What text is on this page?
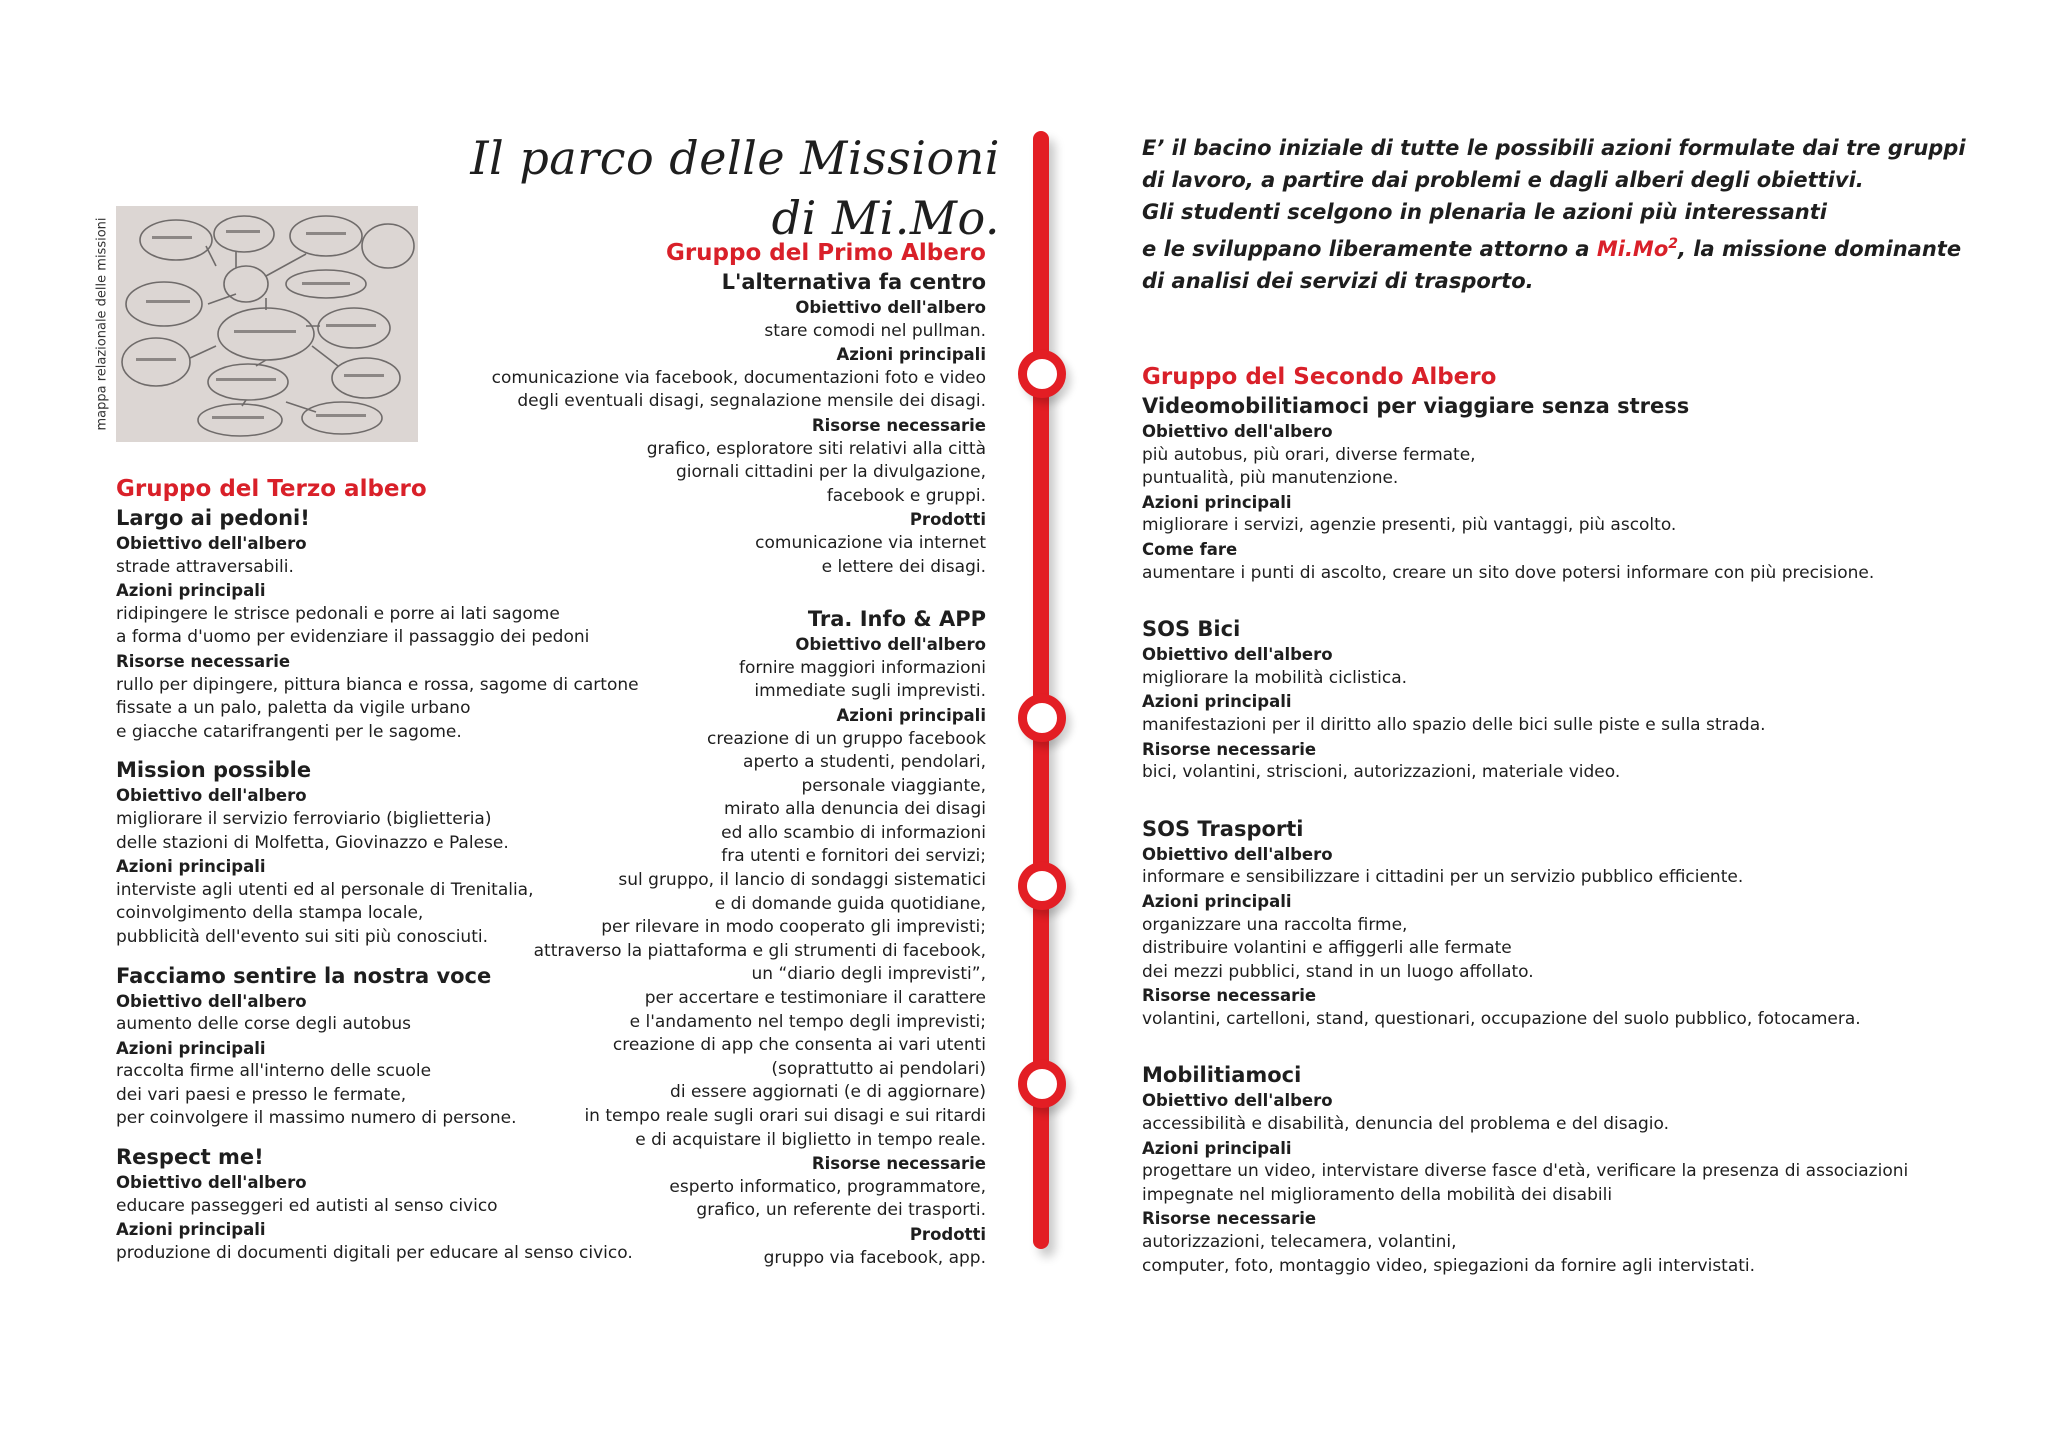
Il parco delle Missioni di Mi.Mo.
E’ il bacino iniziale di tutte le possibili azioni formulate dai tre gruppi
di lavoro, a partire dai problemi e dagli alberi degli obiettivi.
Gli studenti scelgono in plenaria le azioni più interessanti
e le sviluppano liberamente attorno a Mi.Mo$^2$, la missione dominante
di analisi dei servizi di trasporto.
mappa relazionale delle missioni
Gruppo del Terzo albero
Largo ai pedoni!
Obiettivo dell'albero
strade attraversabili.
Azioni principali
ridipingere le strisce pedonali e porre ai lati sagome
a forma d'uomo per evidenziare il passaggio dei pedoni
Risorse necessarie
rullo per dipingere, pittura bianca e rossa, sagome di cartone
fissate a un palo, paletta da vigile urbano
e giacche catarifrangenti per le sagome.
Mission possible
Obiettivo dell'albero
migliorare il servizio ferroviario (biglietteria)
delle stazioni di Molfetta, Giovinazzo e Palese.
Azioni principali
interviste agli utenti ed al personale di Trenitalia,
coinvolgimento della stampa locale,
pubblicità dell'evento sui siti più conosciuti.
Facciamo sentire la nostra voce
Obiettivo dell'albero
aumento delle corse degli autobus
Azioni principali
raccolta firme all'interno delle scuole
dei vari paesi e presso le fermate,
per coinvolgere il massimo numero di persone.
Respect me!
Obiettivo dell'albero
educare passeggeri ed autisti al senso civico
Azioni principali
produzione di documenti digitali per educare al senso civico.
Gruppo del Primo Albero
L'alternativa fa centro
Obiettivo dell'albero
stare comodi nel pullman.
Azioni principali
comunicazione via facebook, documentazioni foto e video
degli eventuali disagi, segnalazione mensile dei disagi.
Risorse necessarie
grafico, esploratore siti relativi alla città
giornali cittadini per la divulgazione,
facebook e gruppi.
Prodotti
comunicazione via internet
e lettere dei disagi.
Tra. Info & APP
Obiettivo dell'albero
fornire maggiori informazioni
immediate sugli imprevisti.
Azioni principali
creazione di un gruppo facebook
aperto a studenti, pendolari,
personale viaggiante,
mirato alla denuncia dei disagi
ed allo scambio di informazioni
fra utenti e fornitori dei servizi;
sul gruppo, il lancio di sondaggi sistematici
e di domande guida quotidiane,
per rilevare in modo cooperato gli imprevisti;
attraverso la piattaforma e gli strumenti di facebook,
un “diario degli imprevisti”,
per accertare e testimoniare il carattere
e l'andamento nel tempo degli imprevisti;
creazione di app che consenta ai vari utenti
(soprattutto ai pendolari)
di essere aggiornati (e di aggiornare)
in tempo reale sugli orari sui disagi e sui ritardi
e di acquistare il biglietto in tempo reale.
Risorse necessarie
esperto informatico, programmatore,
grafico, un referente dei trasporti.
Prodotti
gruppo via facebook, app.
Gruppo del Secondo Albero
Videomobilitiamoci per viaggiare senza stress
Obiettivo dell'albero
più autobus, più orari, diverse fermate,
puntualità, più manutenzione.
Azioni principali
migliorare i servizi, agenzie presenti, più vantaggi, più ascolto.
Come fare
aumentare i punti di ascolto, creare un sito dove potersi informare con più precisione.
SOS Bici
Obiettivo dell'albero
migliorare la mobilità ciclistica.
Azioni principali
manifestazioni per il diritto allo spazio delle bici sulle piste e sulla strada.
Risorse necessarie
bici, volantini, striscioni, autorizzazioni, materiale video.
SOS Trasporti
Obiettivo dell'albero
informare e sensibilizzare i cittadini per un servizio pubblico efficiente.
Azioni principali
organizzare una raccolta firme,
distribuire volantini e affiggerli alle fermate
dei mezzi pubblici, stand in un luogo affollato.
Risorse necessarie
volantini, cartelloni, stand, questionari, occupazione del suolo pubblico, fotocamera.
Mobilitiamoci
Obiettivo dell'albero
accessibilità e disabilità, denuncia del problema e del disagio.
Azioni principali
progettare un video, intervistare diverse fasce d'età, verificare la presenza di associazioni
impegnate nel miglioramento della mobilità dei disabili
Risorse necessarie
autorizzazioni, telecamera, volantini,
computer, foto, montaggio video, spiegazioni da fornire agli intervistati.
